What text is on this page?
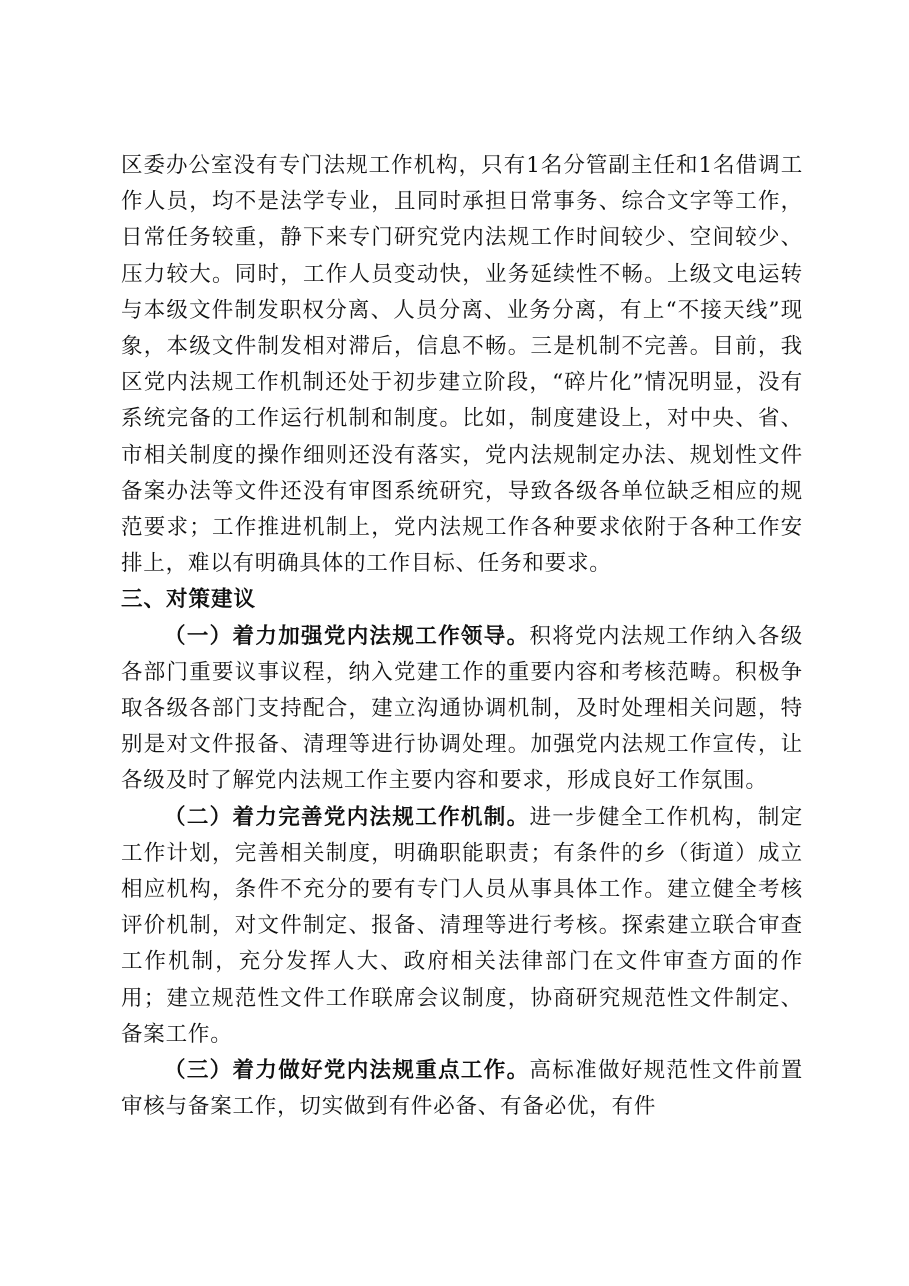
区委办公室没有专门法规工作机构，只有1名分管副主任和1名借调工作人员，均不是法学专业，且同时承担日常事务、综合文字等工作，日常任务较重，静下来专门研究党内法规工作时间较少、空间较少、压力较大。同时，工作人员变动快，业务延续性不畅。上级文电运转与本级文件制发职权分离、人员分离、业务分离，有上“不接天线”现象，本级文件制发相对滞后，信息不畅。三是机制不完善。目前，我区党内法规工作机制还处于初步建立阶段，“碎片化”情况明显，没有系统完备的工作运行机制和制度。比如，制度建设上，对中央、省、市相关制度的操作细则还没有落实，党内法规制定办法、规划性文件备案办法等文件还没有审图系统研究，导致各级各单位缺乏相应的规范要求；工作推进机制上，党内法规工作各种要求依附于各种工作安排上，难以有明确具体的工作目标、任务和要求。

三、对策建议

（一）着力加强党内法规工作领导。积将党内法规工作纳入各级各部门重要议事议程，纳入党建工作的重要内容和考核范畴。积极争取各级各部门支持配合，建立沟通协调机制，及时处理相关问题，特别是对文件报备、清理等进行协调处理。加强党内法规工作宣传，让各级及时了解党内法规工作主要内容和要求，形成良好工作氛围。

（二）着力完善党内法规工作机制。进一步健全工作机构，制定工作计划，完善相关制度，明确职能职责；有条件的乡（街道）成立相应机构，条件不充分的要有专门人员从事具体工作。建立健全考核评价机制，对文件制定、报备、清理等进行考核。探索建立联合审查工作机制，充分发挥人大、政府相关法律部门在文件审查方面的作用；建立规范性文件工作联席会议制度，协商研究规范性文件制定、备案工作。

（三）着力做好党内法规重点工作。高标准做好规范性文件前置审核与备案工作，切实做到有件必备、有备必优，有件
